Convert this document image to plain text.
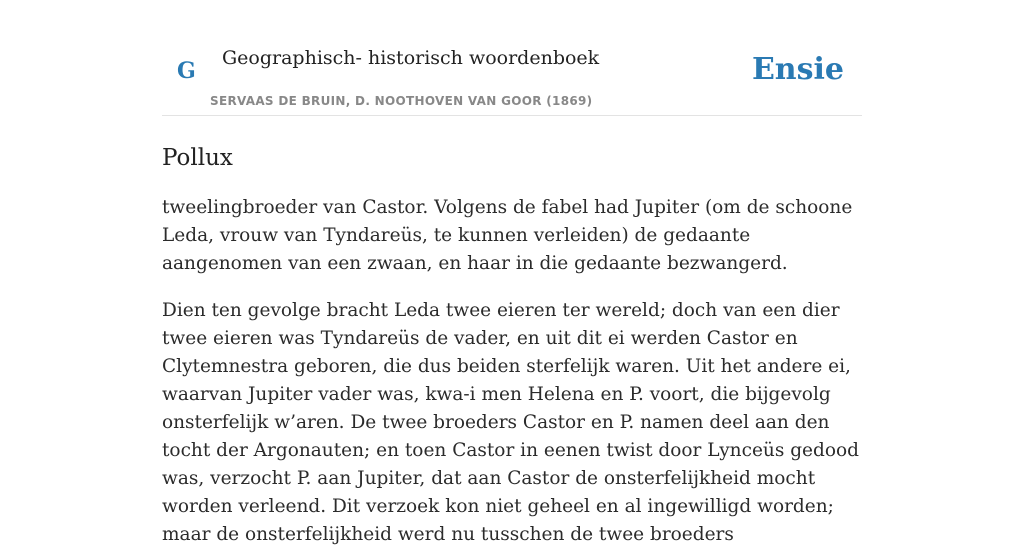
G Geographisch- historisch woordenboek
SERVAAS DE BRUIN, D. NOOTHOVEN VAN GOOR (1869)
Ensie
Pollux

tweelingbroeder van Castor. Volgens de fabel had Jupiter (om de schoone Leda, vrouw van Tyndareüs, te kunnen verleiden) de gedaante aangenomen van een zwaan, en haar in die gedaante bezwangerd.

Dien ten gevolge bracht Leda twee eieren ter wereld; doch van een dier twee eieren was Tyndareüs de vader, en uit dit ei werden Castor en Clytemnestra geboren, die dus beiden sterfelijk waren. Uit het andere ei, waarvan Jupiter vader was, kwa-i men Helena en P. voort, die bijgevolg onsterfelijk w’aren. De twee broeders Castor en P. namen deel aan den tocht der Argonauten; en toen Castor in eenen twist door Lynceüs gedood was, verzocht P. aan Jupiter, dat aan Castor de onsterfelijkheid mocht worden verleend. Dit verzoek kon niet geheel en al ingewilligd worden; maar de onsterfelijkheid werd nu tusschen de twee broeders
